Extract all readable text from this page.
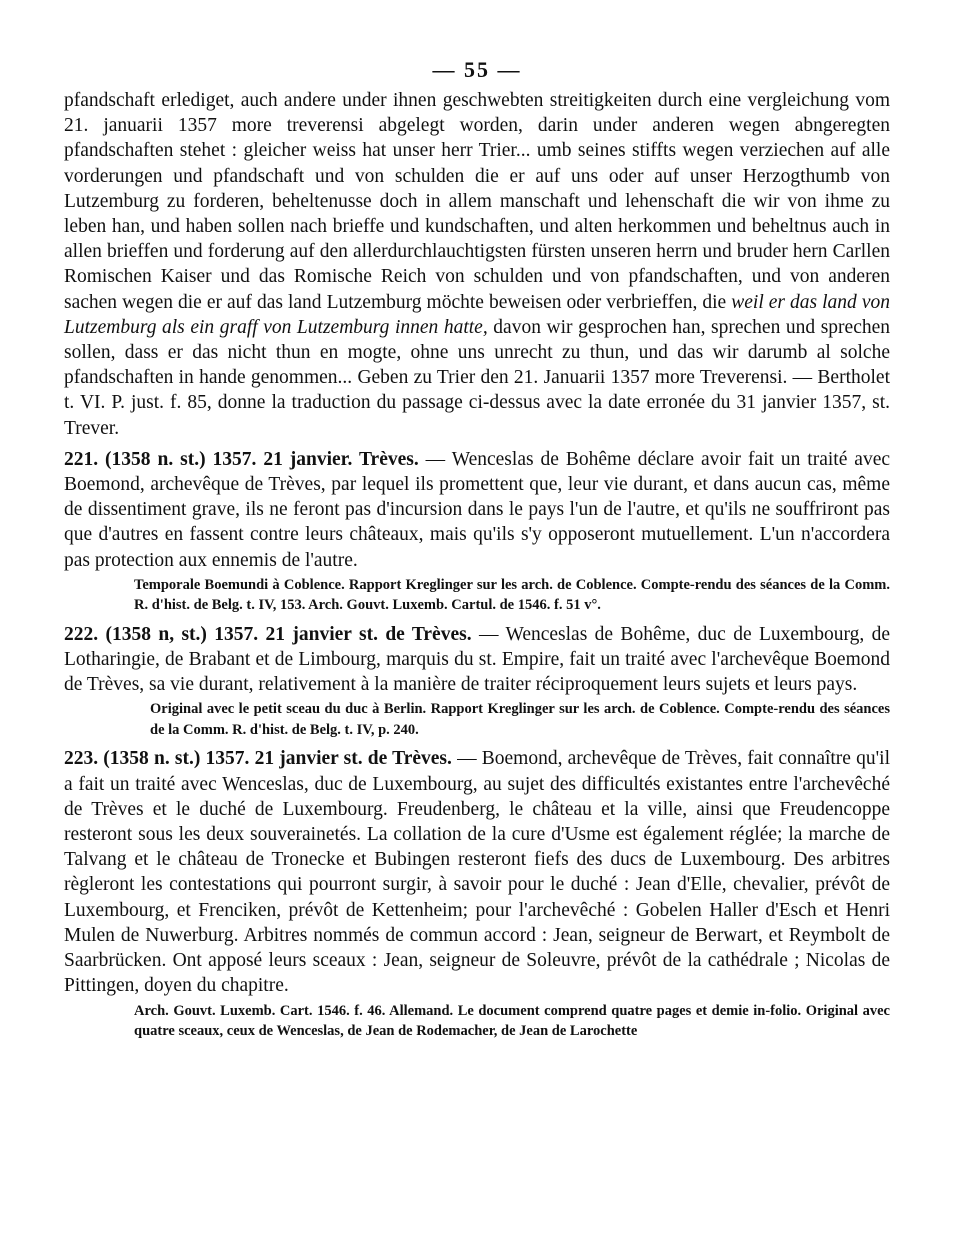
— 55 —

pfandschaft erlediget, auch andere under ihnen geschwebten streitigkeiten durch eine vergleichung vom 21. januarii 1357 more treverensi abgelegt worden, darin under anderen wegen abngeregten pfandschaften stehet : gleicher weiss hat unser herr Trier... umb seines stiffts wegen verziechen auf alle vorderungen und pfandschaft und von schulden die er auf uns oder auf unser Herzogthumb von Lutzemburg zu forderen, beheltenusse doch in allem manschaft und lehenschaft die wir von ihme zu leben han, und haben sollen nach brieffe und kundschaften, und alten herkommen und beheltnus auch in allen brieffen und forderung auf den allerdurchlauchtigsten fürsten unseren herrn und bruder hern Carllen Romischen Kaiser und das Romische Reich von schulden und von pfandschaften, und von anderen sachen wegen die er auf das land Lutzemburg möchte beweisen oder verbrieffen, die weil er das land von Lutzemburg als ein graff von Lutzemburg innen hatte, davon wir gesprochen han, sprechen und sprechen sollen, dass er das nicht thun en mogte, ohne uns unrecht zu thun, und das wir darumb al solche pfandschaften in hande genommen... Geben zu Trier den 21. Januarii 1357 more Treverensi. — Bertholet t. VI. P. just. f. 85, donne la traduction du passage ci-dessus avec la date erronée du 31 janvier 1357, st. Trever.

221. (1358 n. st.) 1357. 21 janvier. Trèves. — Wenceslas de Bohême déclare avoir fait un traité avec Boemond, archevêque de Trèves, par lequel ils promettent que, leur vie durant, et dans aucun cas, même de dissentiment grave, ils ne feront pas d'incursion dans le pays l'un de l'autre, et qu'ils ne souffriront pas que d'autres en fassent contre leurs châteaux, mais qu'ils s'y opposeront mutuellement. L'un n'accordera pas protection aux ennemis de l'autre.

Temporale Boemundi à Coblence. Rapport Kreglinger sur les arch. de Coblence. Compte-rendu des séances de la Comm. R. d'hist. de Belg. t. IV, 153. Arch. Gouvt. Luxemb. Cartul. de 1546. f. 51 v°.

222. (1358 n, st.) 1357. 21 janvier st. de Trèves. — Wenceslas de Bohême, duc de Luxembourg, de Lotharingie, de Brabant et de Limbourg, marquis du st. Empire, fait un traité avec l'archevêque Boemond de Trèves, sa vie durant, relativement à la manière de traiter réciproquement leurs sujets et leurs pays.

Original avec le petit sceau du duc à Berlin. Rapport Kreglinger sur les arch. de Coblence. Compte-rendu des séances de la Comm. R. d'hist. de Belg. t. IV, p. 240.

223. (1358 n. st.) 1357. 21 janvier st. de Trèves. — Boemond, archevêque de Trèves, fait connaître qu'il a fait un traité avec Wenceslas, duc de Luxembourg, au sujet des difficultés existantes entre l'archevêché de Trèves et le duché de Luxembourg. Freudenberg, le château et la ville, ainsi que Freudencoppe resteront sous les deux souverainetés. La collation de la cure d'Usme est également réglée; la marche de Talvang et le château de Tronecke et Bubingen resteront fiefs des ducs de Luxembourg. Des arbitres règleront les contestations qui pourront surgir, à savoir pour le duché : Jean d'Elle, chevalier, prévôt de Luxembourg, et Frenciken, prévôt de Kettenheim; pour l'archevêché : Gobelen Haller d'Esch et Henri Mulen de Nuwerburg. Arbitres nommés de commun accord : Jean, seigneur de Berwart, et Reymbolt de Saarbrücken. Ont apposé leurs sceaux : Jean, seigneur de Soleuvre, prévôt de la cathédrale ; Nicolas de Pittingen, doyen du chapitre.

Arch. Gouvt. Luxemb. Cart. 1546. f. 46. Allemand. Le document comprend quatre pages et demie in-folio. Original avec quatre sceaux, ceux de Wenceslas, de Jean de Rodemacher, de Jean de Larochette
